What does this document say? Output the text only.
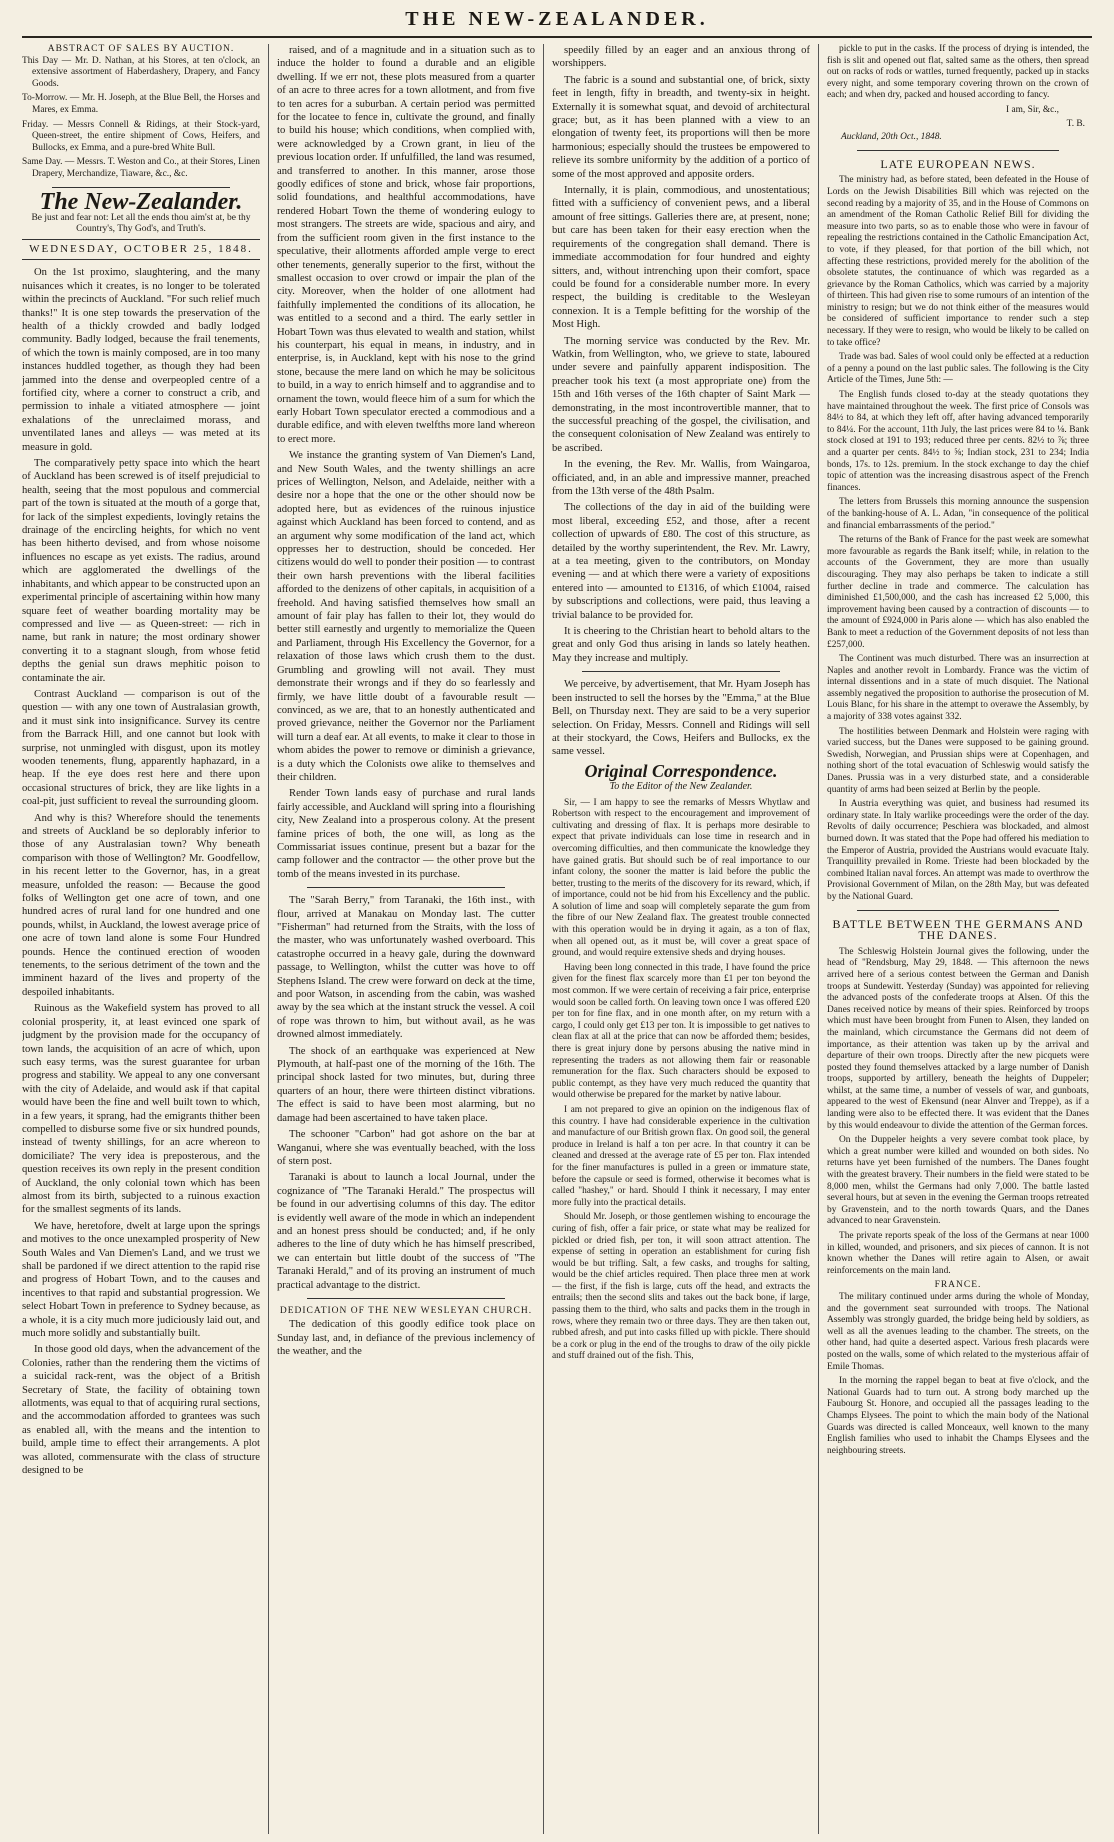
THE NEW-ZEALANDER.
ABSTRACT OF SALES BY AUCTION.

This Day — Mr. D. Nathan, at his Stores, at ten o'clock, an extensive assortment of Haberdashery, Drapery, and Fancy Goods.

To-Morrow. — Mr. H. Joseph, at the Blue Bell, the Horses and Mares, ex Emma.

Friday. — Messrs Connell & Ridings, at their Stock-yard, Queen-street, the entire shipment of Cows, Heifers, and Bullocks, ex Emma, and a pure-bred White Bull.

Same Day. — Messrs. T. Weston and Co., at their Stores, Linen Drapery, Merchandize, Tiaware, &c., &c.

The New-Zealander.
Be just and fear not: Let all the ends thou aim'st at, be thy Country's, Thy God's, and Truth's.
WEDNESDAY, OCTOBER 25, 1848.

On the 1st proximo, slaughtering, and the many nuisances which it creates, is no longer to be tolerated within the precincts of Auckland. "For such relief much thanks!" It is one step towards the preservation of the health of a thickly crowded and badly lodged community. Badly lodged, because the frail tenements, of which the town is mainly composed, are in too many instances huddled together, as though they had been jammed into the dense and overpeopled centre of a fortified city, where a corner to construct a crib, and permission to inhale a vitiated atmosphere — joint exhalations of the unreclaimed morass, and unventilated lanes and alleys — was meted at its measure in gold.

The comparatively petty space into which the heart of Auckland has been screwed is of itself prejudicial to health, seeing that the most populous and commercial part of the town is situated at the mouth of a gorge that, for lack of the simplest expedients, lovingly retains the drainage of the encircling heights, for which no vent has been hitherto devised, and from whose noisome influences no escape as yet exists. The radius, around which are agglomerated the dwellings of the inhabitants, and which appear to be constructed upon an experimental principle of ascertaining within how many square feet of weather boarding mortality may be compressed and live — as Queen-street: — rich in name, but rank in nature; the most ordinary shower converting it to a stagnant slough, from whose fetid depths the genial sun draws mephitic poison to contaminate the air.

Contrast Auckland — comparison is out of the question — with any one town of Australasian growth, and it must sink into insignificance. Survey its centre from the Barrack Hill, and one cannot but look with surprise, not unmingled with disgust, upon its motley wooden tenements, flung, apparently haphazard, in a heap. If the eye does rest here and there upon occasional structures of brick, they are like lights in a coal-pit, just sufficient to reveal the surrounding gloom.

And why is this? Wherefore should the tenements and streets of Auckland be so deplorably inferior to those of any Australasian town? Why beneath comparison with those of Wellington? Mr. Goodfellow, in his recent letter to the Governor, has, in a great measure, unfolded the reason: — Because the good folks of Wellington get one acre of town, and one hundred acres of rural land for one hundred and one pounds, whilst, in Auckland, the lowest average price of one acre of town land alone is some Four Hundred pounds. Hence the continued erection of wooden tenements, to the serious detriment of the town and the imminent hazard of the lives and property of the despoiled inhabitants.

Ruinous as the Wakefield system has proved to all colonial prosperity, it, at least evinced one spark of judgment by the provision made for the occupancy of town lands, the acquisition of an acre of which, upon such easy terms, was the surest guarantee for urban progress and stability. We appeal to any one conversant with the city of Adelaide, and would ask if that capital would have been the fine and well built town to which, in a few years, it sprang, had the emigrants thither been compelled to disburse some five or six hundred pounds, instead of twenty shillings, for an acre whereon to domiciliate? The very idea is preposterous, and the question receives its own reply in the present condition of Auckland, the only colonial town which has been almost from its birth, subjected to a ruinous exaction for the smallest segments of its lands.

We have, heretofore, dwelt at large upon the springs and motives to the once unexampled prosperity of New South Wales and Van Diemen's Land, and we trust we shall be pardoned if we direct attention to the rapid rise and progress of Hobart Town, and to the causes and incentives to that rapid and substantial progression. We select Hobart Town in preference to Sydney because, as a whole, it is a city much more judiciously laid out, and much more solidly and substantially built.

In those good old days, when the advancement of the Colonies, rather than the rendering them the victims of a suicidal rack-rent, was the object of a British Secretary of State, the facility of obtaining town allotments, was equal to that of acquiring rural sections, and the accommodation afforded to grantees was such as enabled all, with the means and the intention to build, ample time to effect their arrangements. A plot was alloted, commensurate with the class of structure designed to be

raised, and of a magnitude and in a situation such as to induce the holder to found a durable and an eligible dwelling. If we err not, these plots measured from a quarter of an acre to three acres for a town allotment, and from five to ten acres for a suburban. A certain period was permitted for the locatee to fence in, cultivate the ground, and finally to build his house; which conditions, when complied with, were acknowledged by a Crown grant, in lieu of the previous location order. If unfulfilled, the land was resumed, and transferred to another. In this manner, arose those goodly edifices of stone and brick, whose fair proportions, solid foundations, and healthful accommodations, have rendered Hobart Town the theme of wondering eulogy to most strangers. The streets are wide, spacious and airy, and from the sufficient room given in the first instance to the speculative, their allotments afforded ample verge to erect other tenements, generally superior to the first, without the smallest occasion to over crowd or impair the plan of the city. Moreover, when the holder of one allotment had faithfully implemented the conditions of its allocation, he was entitled to a second and a third. The early settler in Hobart Town was thus elevated to wealth and station, whilst his counterpart, his equal in means, in industry, and in enterprise, is, in Auckland, kept with his nose to the grind stone, because the mere land on which he may be solicitous to build, in a way to enrich himself and to aggrandise and to ornament the town, would fleece him of a sum for which the early Hobart Town speculator erected a commodious and a durable edifice, and with eleven twelfths more land whereon to erect more.

We instance the granting system of Van Diemen's Land, and New South Wales, and the twenty shillings an acre prices of Wellington, Nelson, and Adelaide, neither with a desire nor a hope that the one or the other should now be adopted here, but as evidences of the ruinous injustice against which Auckland has been forced to contend, and as an argument why some modification of the land act, which oppresses her to destruction, should be conceded. Her citizens would do well to ponder their position — to contrast their own harsh preventions with the liberal facilities afforded to the denizens of other capitals, in acquisition of a freehold. And having satisfied themselves how small an amount of fair play has fallen to their lot, they would do better still earnestly and urgently to memorialize the Queen and Parliament, through His Excellency the Governor, for a relaxation of those laws which crush them to the dust. Grumbling and growling will not avail. They must demonstrate their wrongs and if they do so fearlessly and firmly, we have little doubt of a favourable result — convinced, as we are, that to an honestly authenticated and proved grievance, neither the Governor nor the Parliament will turn a deaf ear. At all events, to make it clear to those in whom abides the power to remove or diminish a grievance, is a duty which the Colonists owe alike to themselves and their children.

Render Town lands easy of purchase and rural lands fairly accessible, and Auckland will spring into a flourishing city, New Zealand into a prosperous colony. At the present famine prices of both, the one will, as long as the Commissariat issues continue, present but a bazar for the camp follower and the contractor — the other prove but the tomb of the means invested in its purchase.

The "Sarah Berry," from Taranaki, the 16th inst., with flour, arrived at Manakau on Monday last. The cutter "Fisherman" had returned from the Straits, with the loss of the master, who was unfortunately washed overboard. This catastrophe occurred in a heavy gale, during the downward passage, to Wellington, whilst the cutter was hove to off Stephens Island. The crew were forward on deck at the time, and poor Watson, in ascending from the cabin, was washed away by the sea which at the instant struck the vessel. A coil of rope was thrown to him, but without avail, as he was drowned almost immediately.

The shock of an earthquake was experienced at New Plymouth, at half-past one of the morning of the 16th. The principal shock lasted for two minutes, but, during three quarters of an hour, there were thirteen distinct vibrations. The effect is said to have been most alarming, but no damage had been ascertained to have taken place.

The schooner "Carbon" had got ashore on the bar at Wanganui, where she was eventually beached, with the loss of stern post.

Taranaki is about to launch a local Journal, under the cognizance of "The Taranaki Herald." The prospectus will be found in our advertising columns of this day. The editor is evidently well aware of the mode in which an independent and an honest press should be conducted; and, if he only adheres to the line of duty which he has himself prescribed, we can entertain but little doubt of the success of "The Taranaki Herald," and of its proving an instrument of much practical advantage to the district.

DEDICATION OF THE NEW WESLEYAN CHURCH.

The dedication of this goodly edifice took place on Sunday last, and, in defiance of the previous inclemency of the weather, and the

speedily filled by an eager and an anxious throng of worshippers.

The fabric is a sound and substantial one, of brick, sixty feet in length, fifty in breadth, and twenty-six in height. Externally it is somewhat squat, and devoid of architectural grace; but, as it has been planned with a view to an elongation of twenty feet, its proportions will then be more harmonious; especially should the trustees be empowered to relieve its sombre uniformity by the addition of a portico of some of the most approved and apposite orders.

Internally, it is plain, commodious, and unostentatious; fitted with a sufficiency of convenient pews, and a liberal amount of free sittings. Galleries there are, at present, none; but care has been taken for their easy erection when the requirements of the congregation shall demand. There is immediate accommodation for four hundred and eighty sitters, and, without intrenching upon their comfort, space could be found for a considerable number more. In every respect, the building is creditable to the Wesleyan connexion. It is a Temple befitting for the worship of the Most High.

The morning service was conducted by the Rev. Mr. Watkin, from Wellington, who, we grieve to state, laboured under severe and painfully apparent indisposition. The preacher took his text (a most appropriate one) from the 15th and 16th verses of the 16th chapter of Saint Mark — demonstrating, in the most incontrovertible manner, that to the successful preaching of the gospel, the civilisation, and the consequent colonisation of New Zealand was entirely to be ascribed.

In the evening, the Rev. Mr. Wallis, from Waingaroa, officiated, and, in an able and impressive manner, preached from the 13th verse of the 48th Psalm.

The collections of the day in aid of the building were most liberal, exceeding £52, and those, after a recent collection of upwards of £80. The cost of this structure, as detailed by the worthy superintendent, the Rev. Mr. Lawry, at a tea meeting, given to the contributors, on Monday evening — and at which there were a variety of expositions entered into — amounted to £1316, of which £1004, raised by subscriptions and collections, were paid, thus leaving a trivial balance to be provided for.

It is cheering to the Christian heart to behold altars to the great and only God thus arising in lands so lately heathen. May they increase and multiply.

We perceive, by advertisement, that Mr. Hyam Joseph has been instructed to sell the horses by the "Emma," at the Blue Bell, on Thursday next. They are said to be a very superior selection. On Friday, Messrs. Connell and Ridings will sell at their stockyard, the Cows, Heifers and Bullocks, ex the same vessel.

Original Correspondence.
To the Editor of the New Zealander.

Sir, — I am happy to see the remarks of Messrs Whytlaw and Robertson with respect to the encouragement and improvement of cultivating and dressing of flax. It is perhaps more desirable to expect that private individuals can lose time in research and in overcoming difficulties, and then communicate the knowledge they have gained gratis. But should such be of real importance to our infant colony, the sooner the matter is laid before the public the better, trusting to the merits of the discovery for its reward, which, if of importance, could not be hid from his Excellency and the public. A solution of lime and soap will completely separate the gum from the fibre of our New Zealand flax. The greatest trouble connected with this operation would be in drying it again, as a ton of flax, when all opened out, as it must be, will cover a great space of ground, and would require extensive sheds and drying houses.

Having been long connected in this trade, I have found the price given for the finest flax scarcely more than £1 per ton beyond the most common. If we were certain of receiving a fair price, enterprise would soon be called forth. On leaving town once I was offered £20 per ton for fine flax, and in one month after, on my return with a cargo, I could only get £13 per ton. It is impossible to get natives to clean flax at all at the price that can now be afforded them; besides, there is great injury done by persons abusing the native mind in representing the traders as not allowing them fair or reasonable remuneration for the flax. Such characters should be exposed to public contempt, as they have very much reduced the quantity that would otherwise be prepared for the market by native labour.

I am not prepared to give an opinion on the indigenous flax of this country. I have had considerable experience in the cultivation and manufacture of our British grown flax. On good soil, the general produce in Ireland is half a ton per acre. In that country it can be cleaned and dressed at the average rate of £5 per ton. Flax intended for the finer manufactures is pulled in a green or immature state, before the capsule or seed is formed, otherwise it becomes what is called "hashey," or hard. Should I think it necessary, I may enter more fully into the practical details.

Should Mr. Joseph, or those gentlemen wishing to encourage the curing of fish, offer a fair price, or state what may be realized for pickled or dried fish, per ton, it will soon attract attention. The expense of setting in operation an establishment for curing fish would be but trifling. Salt, a few casks, and troughs for salting, would be the chief articles required. Then place three men at work — the first, if the fish is large, cuts off the head, and extracts the entrails; then the second slits and takes out the back bone, if large, passing them to the third, who salts and packs them in the trough in rows, where they remain two or three days. They are then taken out, rubbed afresh, and put into casks filled up with pickle. There should be a cork or plug in the end of the troughs to draw of the oily pickle and stuff drained out of the fish. This,

pickle to put in the casks. If the process of drying is intended, the fish is slit and opened out flat, salted same as the others, then spread out on racks of rods or wattles, turned frequently, packed up in stacks every night, and some temporary covering thrown on the crown of each; and when dry, packed and housed according to fancy.

I am, Sir, &c.,
T. B.
Auckland, 20th Oct., 1848.
LATE EUROPEAN NEWS.

The ministry had, as before stated, been defeated in the House of Lords on the Jewish Disabilities Bill which was rejected on the second reading by a majority of 35, and in the House of Commons on an amendment of the Roman Catholic Relief Bill for dividing the measure into two parts, so as to enable those who were in favour of repealing the restrictions contained in the Catholic Emancipation Act, to vote, if they pleased, for that portion of the bill which, not affecting these restrictions, provided merely for the abolition of the obsolete statutes, the continuance of which was regarded as a grievance by the Roman Catholics, which was carried by a majority of thirteen. This had given rise to some rumours of an intention of the ministry to resign; but we do not think either of the measures would be considered of sufficient importance to render such a step necessary. If they were to resign, who would be likely to be called on to take office?

Trade was bad. Sales of wool could only be effected at a reduction of a penny a pound on the last public sales. The following is the City Article of the Times, June 5th: —

The English funds closed to-day at the steady quotations they have maintained throughout the week. The first price of Consols was 84½ to 84, at which they left off, after having advanced temporarily to 84¼. For the account, 11th July, the last prices were 84 to ⅛. Bank stock closed at 191 to 193; reduced three per cents. 82½ to ⅞; three and a quarter per cents. 84½ to ⅝; Indian stock, 231 to 234; India bonds, 17s. to 12s. premium. In the stock exchange to day the chief topic of attention was the increasing disastrous aspect of the French finances.

The letters from Brussels this morning announce the suspension of the banking-house of A. L. Adan, "in consequence of the political and financial embarrassments of the period."

The returns of the Bank of France for the past week are somewhat more favourable as regards the Bank itself; while, in relation to the accounts of the Government, they are more than usually discouraging. They may also perhaps be taken to indicate a still further decline in trade and commerce. The calculation has diminished £1,500,000, and the cash has increased £2 5,000, this improvement having been caused by a contraction of discounts — to the amount of £924,000 in Paris alone — which has also enabled the Bank to meet a reduction of the Government deposits of not less than £257,000.

The Continent was much disturbed. There was an insurrection at Naples and another revolt in Lombardy. France was the victim of internal dissentions and in a state of much disquiet. The National assembly negatived the proposition to authorise the prosecution of M. Louis Blanc, for his share in the attempt to overawe the Assembly, by a majority of 338 votes against 332.

The hostilities between Denmark and Holstein were raging with varied success, but the Danes were supposed to be gaining ground. Swedish, Norwegian, and Prussian ships were at Copenhagen, and nothing short of the total evacuation of Schleswig would satisfy the Danes. Prussia was in a very disturbed state, and a considerable quantity of arms had been seized at Berlin by the people.

In Austria everything was quiet, and business had resumed its ordinary state. In Italy warlike proceedings were the order of the day. Revolts of daily occurrence; Peschiera was blockaded, and almost burned down. It was stated that the Pope had offered his mediation to the Emperor of Austria, provided the Austrians would evacuate Italy. Tranquillity prevailed in Rome. Trieste had been blockaded by the combined Italian naval forces. An attempt was made to overthrow the Provisional Government of Milan, on the 28th May, but was defeated by the National Guard.

BATTLE BETWEEN THE GERMANS AND THE DANES.

The Schleswig Holstein Journal gives the following, under the head of "Rendsburg, May 29, 1848. — This afternoon the news arrived here of a serious contest between the German and Danish troops at Sundewitt. Yesterday (Sunday) was appointed for relieving the advanced posts of the confederate troops at Alsen. Of this the Danes received notice by means of their spies. Reinforced by troops which must have been brought from Funen to Alsen, they landed on the mainland, which circumstance the Germans did not deem of importance, as their attention was taken up by the arrival and departure of their own troops. Directly after the new picquets were posted they found themselves attacked by a large number of Danish troops, supported by artillery, beneath the heights of Duppeler; whilst, at the same time, a number of vessels of war, and gunboats, appeared to the west of Ekensund (near Alnver and Treppe), as if a landing were also to be effected there. It was evident that the Danes by this would endeavour to divide the attention of the German forces.

On the Duppeler heights a very severe combat took place, by which a great number were killed and wounded on both sides. No returns have yet been furnished of the numbers. The Danes fought with the greatest bravery. Their numbers in the field were stated to be 8,000 men, whilst the Germans had only 7,000. The battle lasted several hours, but at seven in the evening the German troops retreated by Gravenstein, and to the north towards Quars, and the Danes advanced to near Gravenstein.

The private reports speak of the loss of the Germans at near 1000 in killed, wounded, and prisoners, and six pieces of cannon. It is not known whether the Danes will retire again to Alsen, or await reinforcements on the main land.

FRANCE.

The military continued under arms during the whole of Monday, and the government seat surrounded with troops. The National Assembly was strongly guarded, the bridge being held by soldiers, as well as all the avenues leading to the chamber. The streets, on the other hand, had quite a deserted aspect. Various fresh placards were posted on the walls, some of which related to the mysterious affair of Emile Thomas.

In the morning the rappel began to beat at five o'clock, and the National Guards had to turn out. A strong body marched up the Faubourg St. Honore, and occupied all the passages leading to the Champs Elysees. The point to which the main body of the National Guards was directed is called Monceaux, well known to the many English families who used to inhabit the Champs Elysees and the neighbouring streets.
